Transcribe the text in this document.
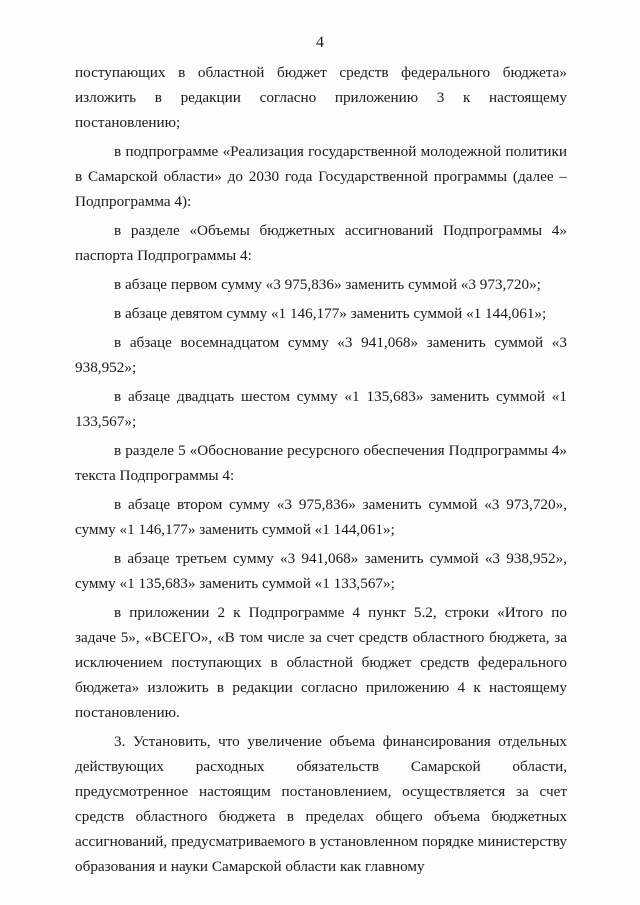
4

поступающих в областной бюджет средств федерального бюджета» изложить в редакции согласно приложению 3 к настоящему постановлению;

в подпрограмме «Реализация государственной молодежной политики в Самарской области» до 2030 года Государственной программы (далее – Подпрограмма 4):

в разделе «Объемы бюджетных ассигнований Подпрограммы 4» паспорта Подпрограммы 4:

в абзаце первом сумму «3 975,836» заменить суммой «3 973,720»;

в абзаце девятом сумму «1 146,177» заменить суммой «1 144,061»;

в абзаце восемнадцатом сумму «3 941,068» заменить суммой «3 938,952»;

в абзаце двадцать шестом сумму «1 135,683» заменить суммой «1 133,567»;

в разделе 5 «Обоснование ресурсного обеспечения Подпрограммы 4» текста Подпрограммы 4:

в абзаце втором сумму «3 975,836» заменить суммой «3 973,720», сумму «1 146,177» заменить суммой «1 144,061»;

в абзаце третьем сумму «3 941,068» заменить суммой «3 938,952», сумму «1 135,683» заменить суммой «1 133,567»;

в приложении 2 к Подпрограмме 4 пункт 5.2, строки «Итого по задаче 5», «ВСЕГО», «В том числе за счет средств областного бюджета, за исключением поступающих в областной бюджет средств федерального бюджета» изложить в редакции согласно приложению 4 к настоящему постановлению.

3. Установить, что увеличение объема финансирования отдельных действующих расходных обязательств Самарской области, предусмотренное настоящим постановлением, осуществляется за счет средств областного бюджета в пределах общего объема бюджетных ассигнований, предусматриваемого в установленном порядке министерству образования и науки Самарской области как главному
